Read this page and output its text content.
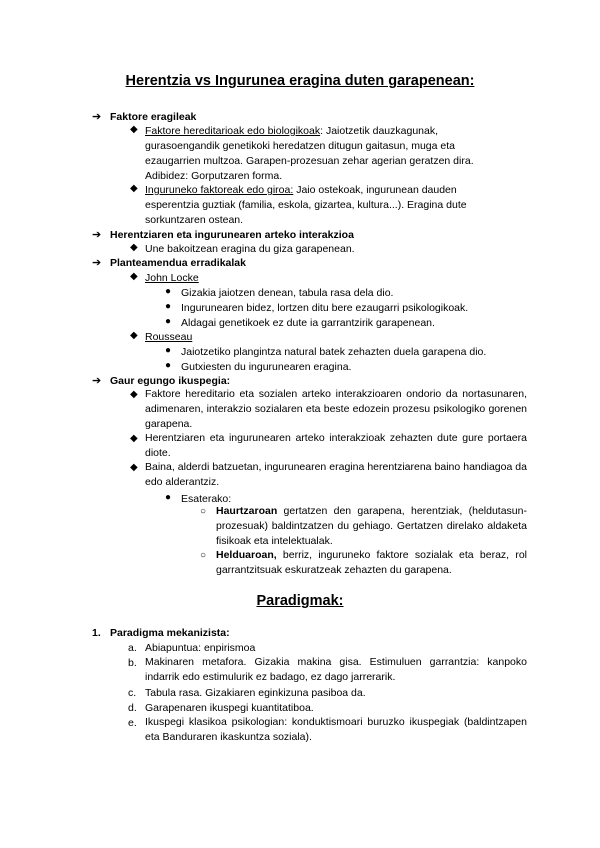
Herentzia vs Ingurunea eragina duten garapenean:
➔ Faktore eragileak
◆ Faktore hereditarioak edo biologikoak: Jaiotzetik dauzkagunak,
gurasoengandik genetikoki heredatzen ditugun gaitasun, muga eta
ezaugarrien multzoa. Garapen-prozesuan zehar agerian geratzen dira.
Adibidez: Gorputzaren forma.
◆ Inguruneko faktoreak edo giroa: Jaio ostekoak, ingurunean dauden
esperentzia guztiak (familia, eskola, gizartea, kultura...). Eragina dute
sorkuntzaren ostean.
➔ Herentziaren eta ingurunearen arteko interakzioa
◆ Une bakoitzean eragina du giza garapenean.
➔ Planteamendua erradikalak
◆ John Locke
● Gizakia jaiotzen denean, tabula rasa dela dio.
● Ingurunearen bidez, lortzen ditu bere ezaugarri psikologikoak.
● Aldagai genetikoek ez dute ia garrantzirik garapenean.
◆ Rousseau
● Jaiotzetiko plangintza natural batek zehazten duela garapena dio.
● Gutxiesten du ingurunearen eragina.
➔ Gaur egungo ikuspegia:
◆ Faktore hereditario eta sozialen arteko interakzioaren ondorio da nortasunaren, adimenaren, interakzio sozialaren eta beste edozein prozesu psikologiko gorenen garapena.
◆ Herentziaren eta ingurunearen arteko interakzioak zehazten dute gure portaera diote.
◆ Baina, alderdi batzuetan, ingurunearen eragina herentziarena baino handiagoa da edo alderantziz.
● Esaterako:
○ Haurtzaroan gertatzen den garapena, herentziak, (heldutasun-prozesuak) baldintzatzen du gehiago. Gertatzen direlako aldaketa fisikoak eta intelektualak.
○ Helduaroan, berriz, inguruneko faktore sozialak eta beraz, rol garrantzitsuak eskuratzeak zehazten du garapena.
Paradigmak:
1. Paradigma mekanizista:
a. Abiapuntua: enpirismoa
b. Makinaren metafora. Gizakia makina gisa. Estimuluen garrantzia: kanpoko indarrik edo estimulurik ez badago, ez dago jarrerarik.
c. Tabula rasa. Gizakiaren eginkizuna pasiboa da.
d. Garapenaren ikuspegi kuantitatiboa.
e. Ikuspegi klasikoa psikologian: konduktismoari buruzko ikuspegiak (baldintzapen eta Banduraren ikaskuntza soziala).
